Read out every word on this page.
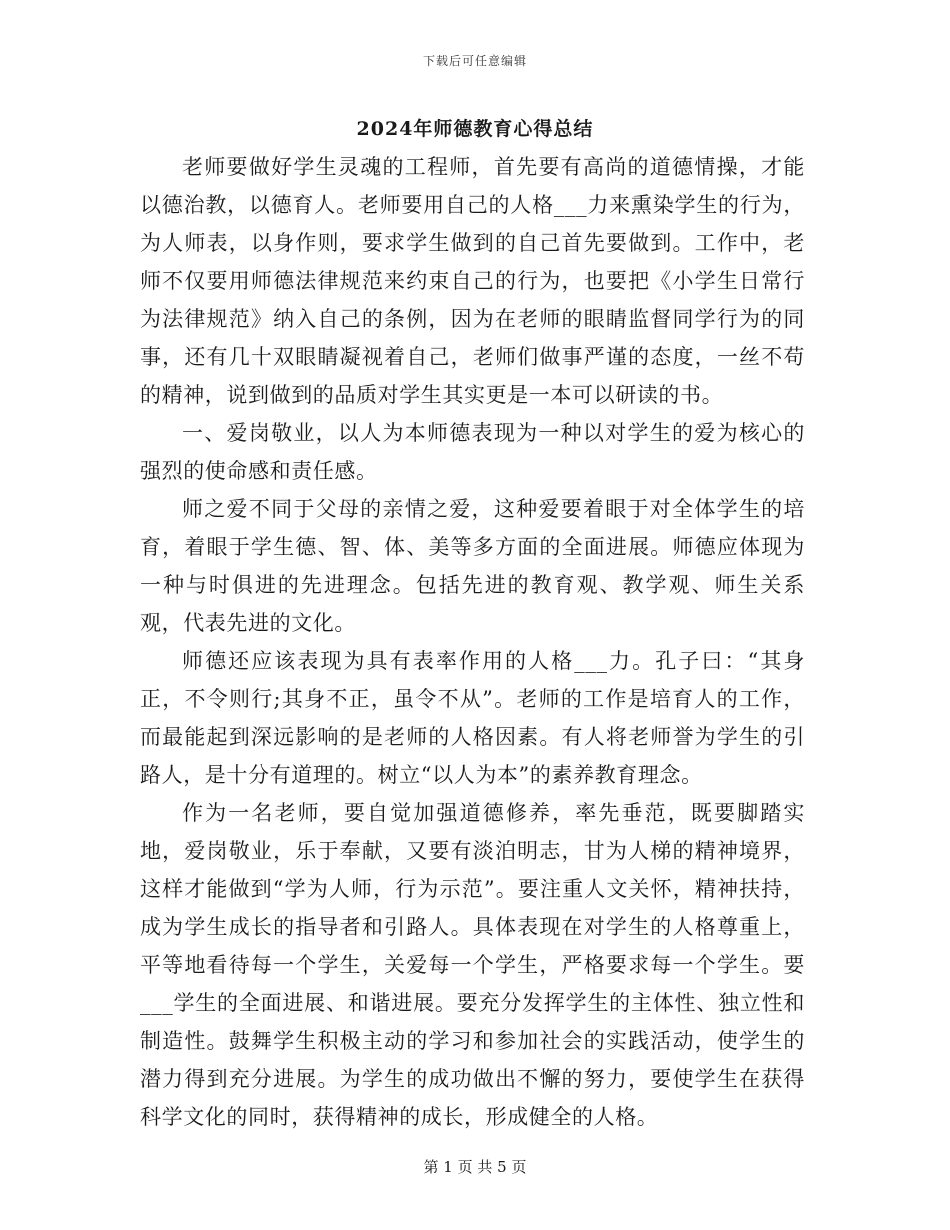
下载后可任意编辑
2024年师德教育心得总结

老师要做好学生灵魂的工程师，首先要有高尚的道德情操，才能以德治教，以德育人。老师要用自己的人格___力来熏染学生的行为，为人师表，以身作则，要求学生做到的自己首先要做到。工作中，老师不仅要用师德法律规范来约束自己的行为，也要把《小学生日常行为法律规范》纳入自己的条例，因为在老师的眼睛监督同学行为的同事，还有几十双眼睛凝视着自己，老师们做事严谨的态度，一丝不苟的精神，说到做到的品质对学生其实更是一本可以研读的书。

一、爱岗敬业，以人为本师德表现为一种以对学生的爱为核心的强烈的使命感和责任感。

师之爱不同于父母的亲情之爱，这种爱要着眼于对全体学生的培育，着眼于学生德、智、体、美等多方面的全面进展。师德应体现为一种与时俱进的先进理念。包括先进的教育观、教学观、师生关系观，代表先进的文化。

师德还应该表现为具有表率作用的人格___力。孔子曰：“其身正，不令则行;其身不正，虽令不从”。老师的工作是培育人的工作，而最能起到深远影响的是老师的人格因素。有人将老师誉为学生的引路人，是十分有道理的。树立“以人为本”的素养教育理念。

作为一名老师，要自觉加强道德修养，率先垂范，既要脚踏实地，爱岗敬业，乐于奉献，又要有淡泊明志，甘为人梯的精神境界，这样才能做到“学为人师，行为示范”。要注重人文关怀，精神扶持，成为学生成长的指导者和引路人。具体表现在对学生的人格尊重上，平等地看待每一个学生，关爱每一个学生，严格要求每一个学生。要___学生的全面进展、和谐进展。要充分发挥学生的主体性、独立性和制造性。鼓舞学生积极主动的学习和参加社会的实践活动，使学生的潜力得到充分进展。为学生的成功做出不懈的努力，要使学生在获得科学文化的同时，获得精神的成长，形成健全的人格。

第 1 页 共 5 页
